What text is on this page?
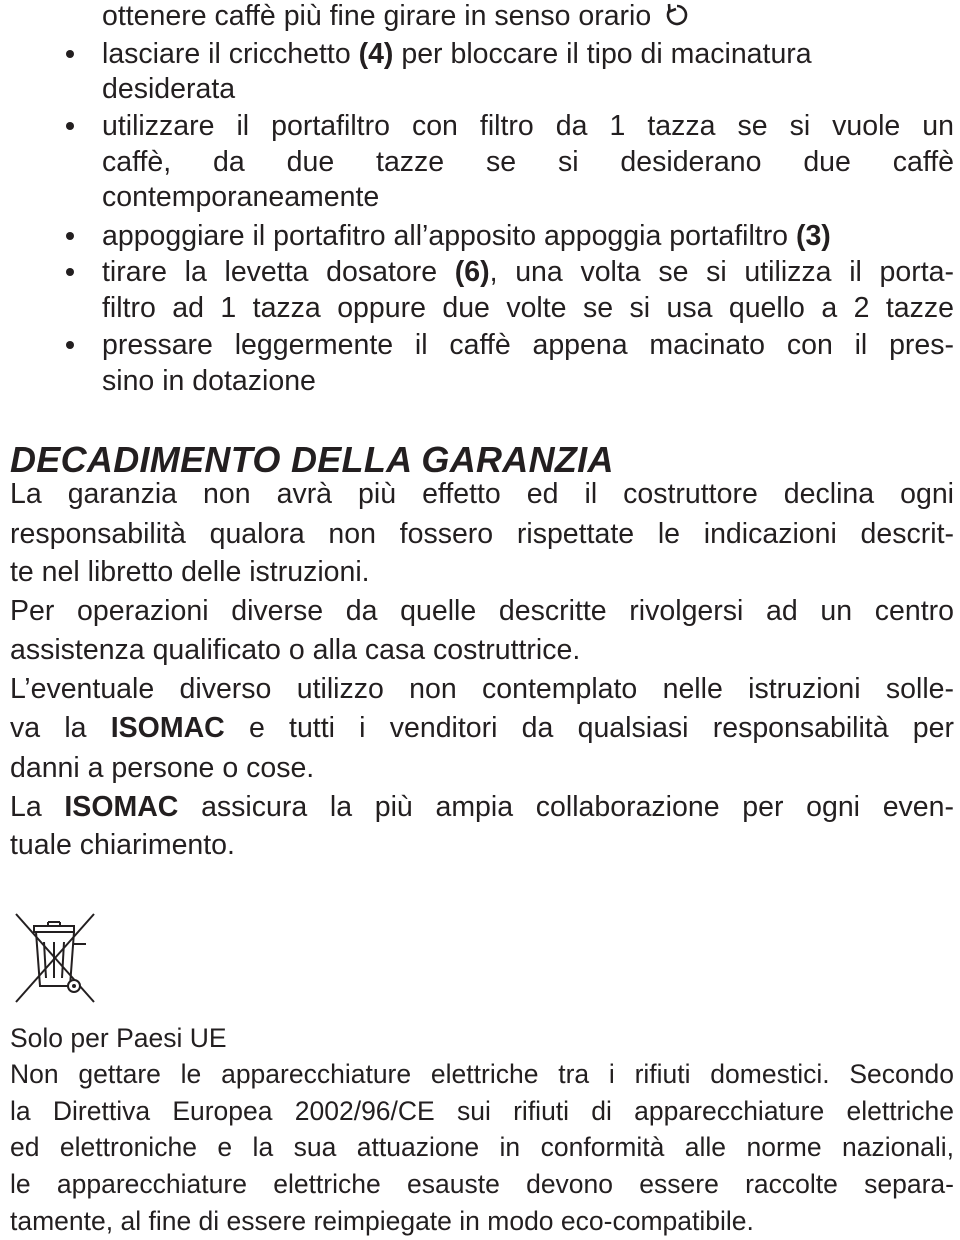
ottenere caffè più fine girare in senso orario
lasciare il cricchetto (4) per bloccare il tipo di macinatura
desiderata
utilizzare il portafiltro con filtro da 1 tazza se si vuole un
caffè, da due tazze se si desiderano due caffè
contemporaneamente
appoggiare il portafitro all’apposito appoggia portafiltro (3)
tirare la levetta dosatore (6), una volta se si utilizza il porta-
filtro ad 1 tazza oppure due volte se si usa quello a 2 tazze
pressare leggermente il caffè appena macinato con il pres-
sino in dotazione
DECADIMENTO DELLA GARANZIA
La garanzia non avrà più effetto ed il costruttore declina ogni
responsabilità qualora non fossero rispettate le indicazioni descrit-
te nel libretto delle istruzioni.
Per operazioni diverse da quelle descritte rivolgersi ad un centro
assistenza qualificato o alla casa costruttrice.
L’eventuale diverso utilizzo non contemplato nelle istruzioni solle-
va la ISOMAC e tutti i venditori da qualsiasi responsabilità per
danni a persone o cose.
La ISOMAC assicura la più ampia collaborazione per ogni even-
tuale chiarimento.
Solo per Paesi UE
Non gettare le apparecchiature elettriche tra i rifiuti domestici. Secondo
la Direttiva Europea 2002/96/CE sui rifiuti di apparecchiature elettriche
ed elettroniche e la sua attuazione in conformità alle norme nazionali,
le apparecchiature elettriche esauste devono essere raccolte separa-
tamente, al fine di essere reimpiegate in modo eco-compatibile.
